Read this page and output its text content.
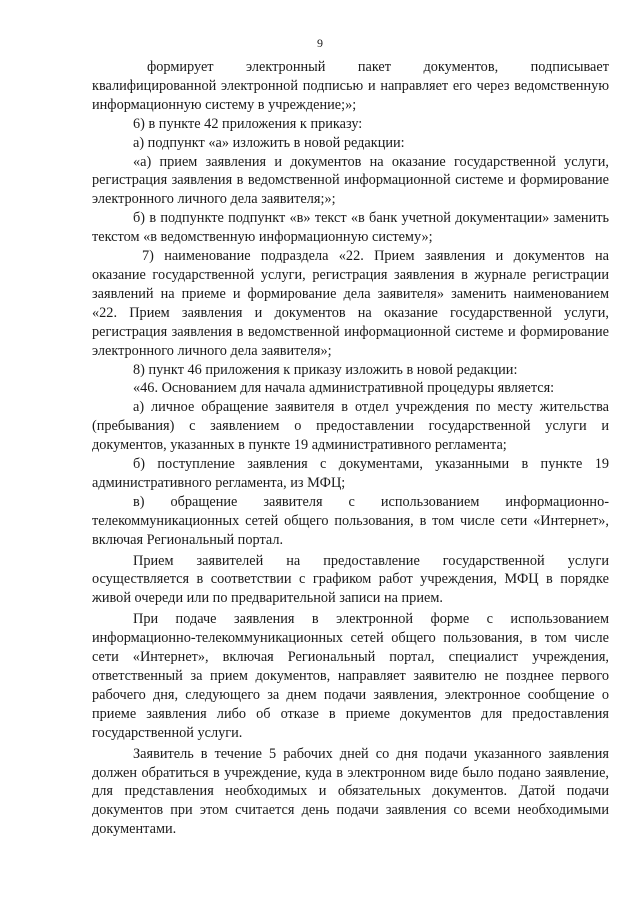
9

формирует электронный пакет документов, подписывает квалифицированной электронной подписью и направляет его через ведомственную информационную систему в учреждение;»;

6) в пункте 42 приложения к приказу:

а) подпункт «а» изложить в новой редакции:

«а) прием заявления и документов на оказание государственной услуги, регистрация заявления в ведомственной информационной системе и формирование электронного личного дела заявителя;»;

б) в подпункте подпункт «в» текст «в банк учетной документации» заменить текстом «в ведомственную информационную систему»;

7) наименование подраздела «22. Прием заявления и документов на оказание государственной услуги, регистрация заявления в журнале регистрации заявлений на приеме и формирование дела заявителя» заменить наименованием «22. Прием заявления и документов на оказание государственной услуги, регистрация заявления в ведомственной информационной системе и формирование электронного личного дела заявителя»;

8) пункт 46 приложения к приказу изложить в новой редакции:

«46. Основанием для начала административной процедуры является:

а) личное обращение заявителя в отдел учреждения по месту жительства (пребывания) с заявлением о предоставлении государственной услуги и документов, указанных в пункте 19 административного регламента;

б) поступление заявления с документами, указанными в пункте 19 административного регламента, из МФЦ;

в) обращение заявителя с использованием информационно-телекоммуникационных сетей общего пользования, в том числе сети «Интернет», включая Региональный портал.

Прием заявителей на предоставление государственной услуги осуществляется в соответствии с графиком работ учреждения, МФЦ в порядке живой очереди или по предварительной записи на прием.

При подаче заявления в электронной форме с использованием информационно-телекоммуникационных сетей общего пользования, в том числе сети «Интернет», включая Региональный портал, специалист учреждения, ответственный за прием документов, направляет заявителю не позднее первого рабочего дня, следующего за днем подачи заявления, электронное сообщение о приеме заявления либо об отказе в приеме документов для предоставления государственной услуги.

Заявитель в течение 5 рабочих дней со дня подачи указанного заявления должен обратиться в учреждение, куда в электронном виде было подано заявление, для представления необходимых и обязательных документов. Датой подачи документов при этом считается день подачи заявления со всеми необходимыми документами.
